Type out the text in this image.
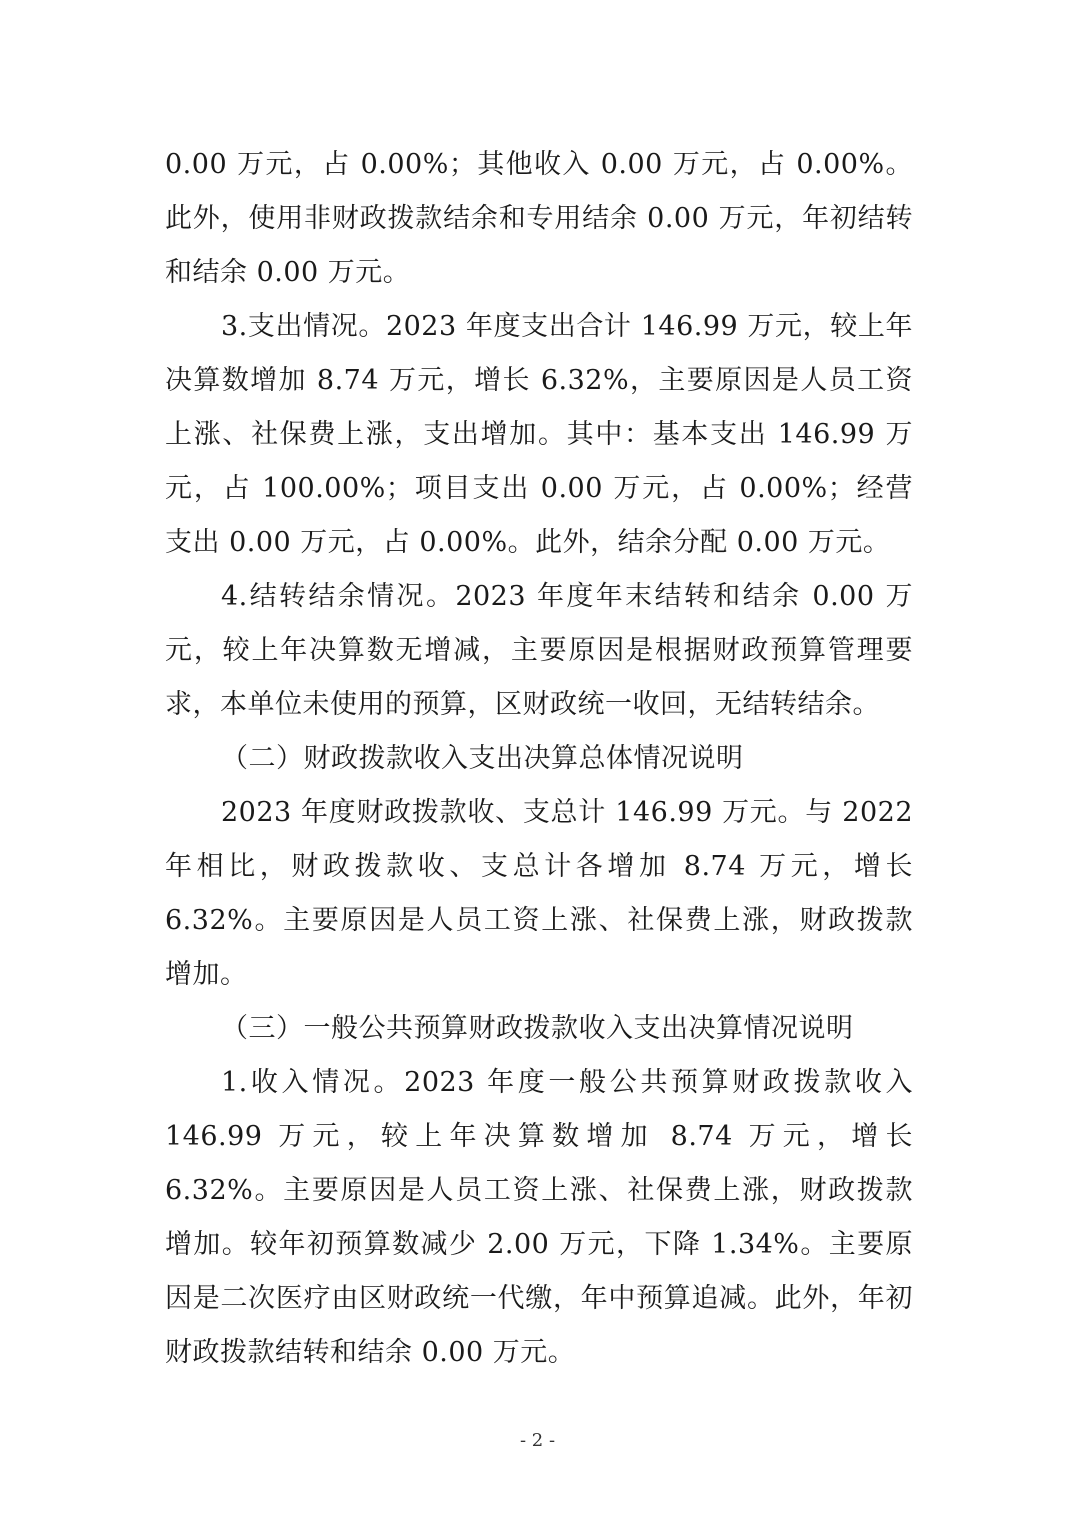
0.00 万元，占 0.00%；其他收入 0.00 万元，占 0.00%。此外，使用非财政拨款结余和专用结余 0.00 万元，年初结转和结余 0.00 万元。

3.支出情况。2023 年度支出合计 146.99 万元，较上年决算数增加 8.74 万元，增长 6.32%，主要原因是人员工资上涨、社保费上涨，支出增加。其中：基本支出 146.99 万元，占 100.00%；项目支出 0.00 万元，占 0.00%；经营支出 0.00 万元，占 0.00%。此外，结余分配 0.00 万元。

4.结转结余情况。2023 年度年末结转和结余 0.00 万元，较上年决算数无增减，主要原因是根据财政预算管理要求，本单位未使用的预算，区财政统一收回，无结转结余。

（二）财政拨款收入支出决算总体情况说明

2023 年度财政拨款收、支总计 146.99 万元。与 2022 年相比，财政拨款收、支总计各增加 8.74 万元，增长 6.32%。主要原因是人员工资上涨、社保费上涨，财政拨款增加。

（三）一般公共预算财政拨款收入支出决算情况说明

1.收入情况。2023 年度一般公共预算财政拨款收入 146.99 万元，较上年决算数增加 8.74 万元，增长 6.32%。主要原因是人员工资上涨、社保费上涨，财政拨款增加。较年初预算数减少 2.00 万元，下降 1.34%。主要原因是二次医疗由区财政统一代缴，年中预算追减。此外，年初财政拨款结转和结余 0.00 万元。

- 2 -
